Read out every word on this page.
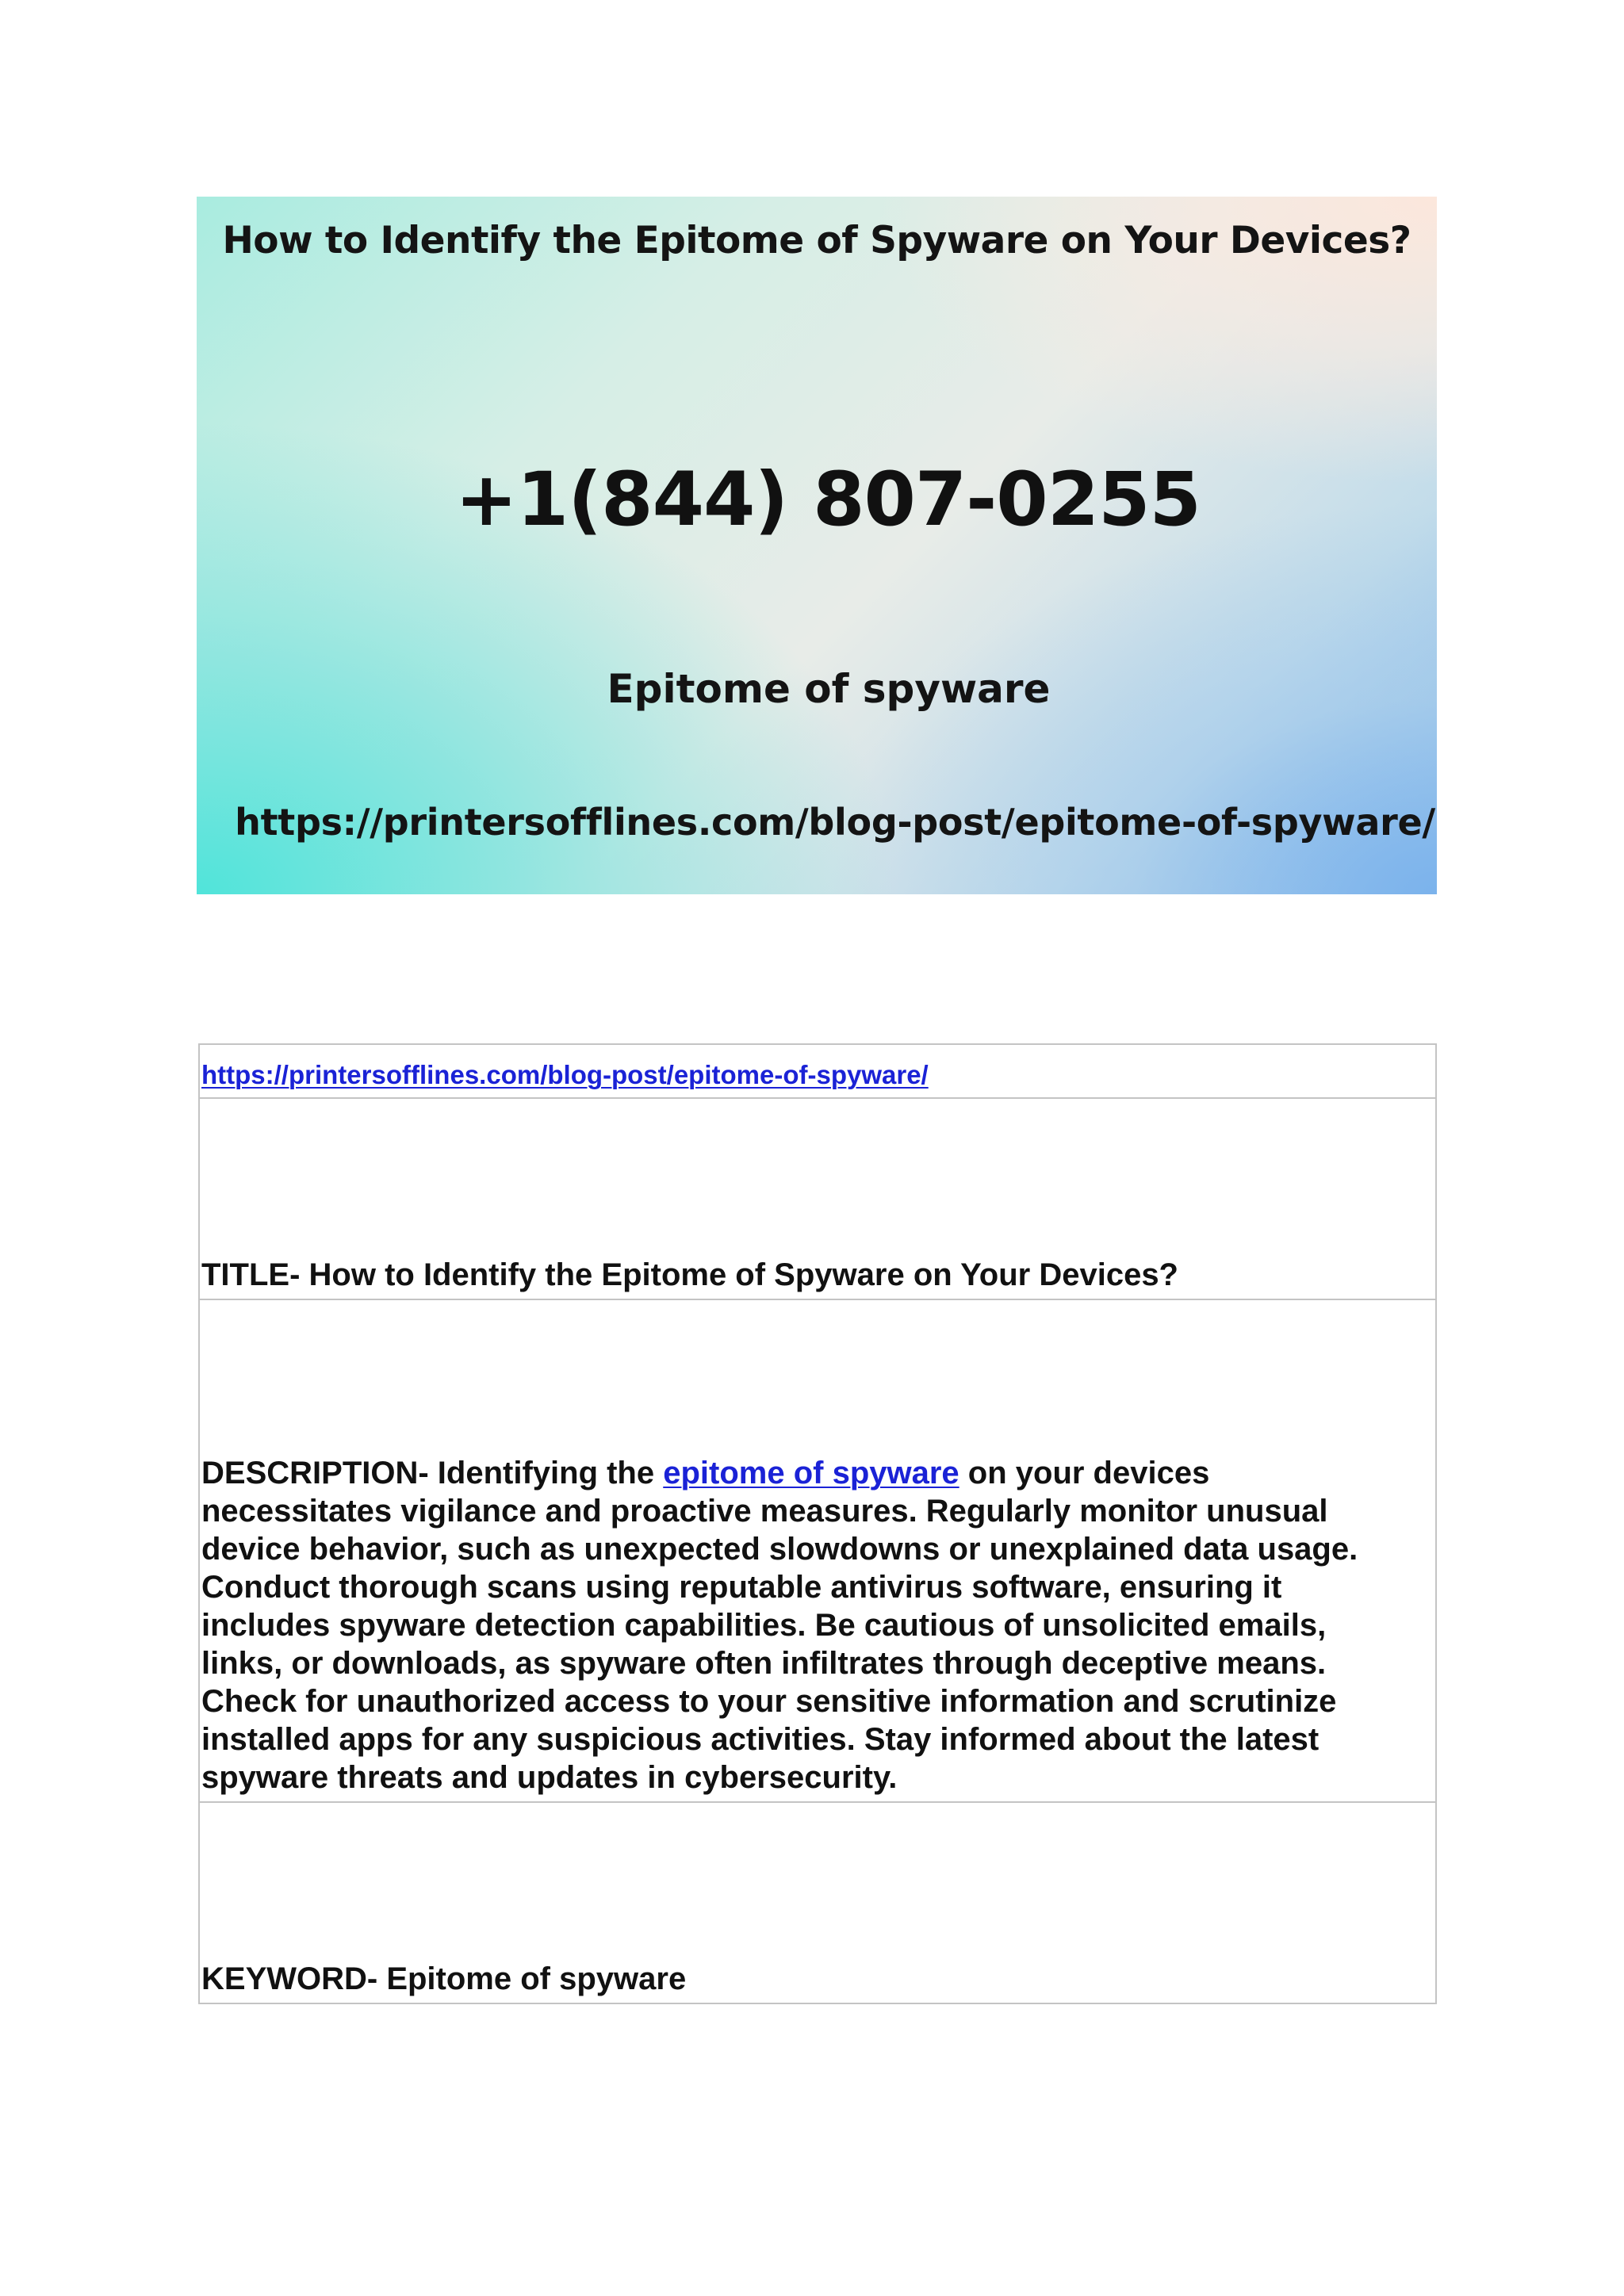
How to Identify the Epitome of Spyware on Your Devices?
+1(844) 807-0255
Epitome of spyware
https://printersofflines.com/blog-post/epitome-of-spyware/
https://printersofflines.com/blog-post/epitome-of-spyware/
TITLE- How to Identify the Epitome of Spyware on Your Devices?
DESCRIPTION- Identifying the epitome of spyware on your devices necessitates vigilance and proactive measures. Regularly monitor unusual device behavior, such as unexpected slowdowns or unexplained data usage. Conduct thorough scans using reputable antivirus software, ensuring it includes spyware detection capabilities. Be cautious of unsolicited emails, links, or downloads, as spyware often infiltrates through deceptive means. Check for unauthorized access to your sensitive information and scrutinize installed apps for any suspicious activities. Stay informed about the latest spyware threats and updates in cybersecurity.
KEYWORD- Epitome of spyware
